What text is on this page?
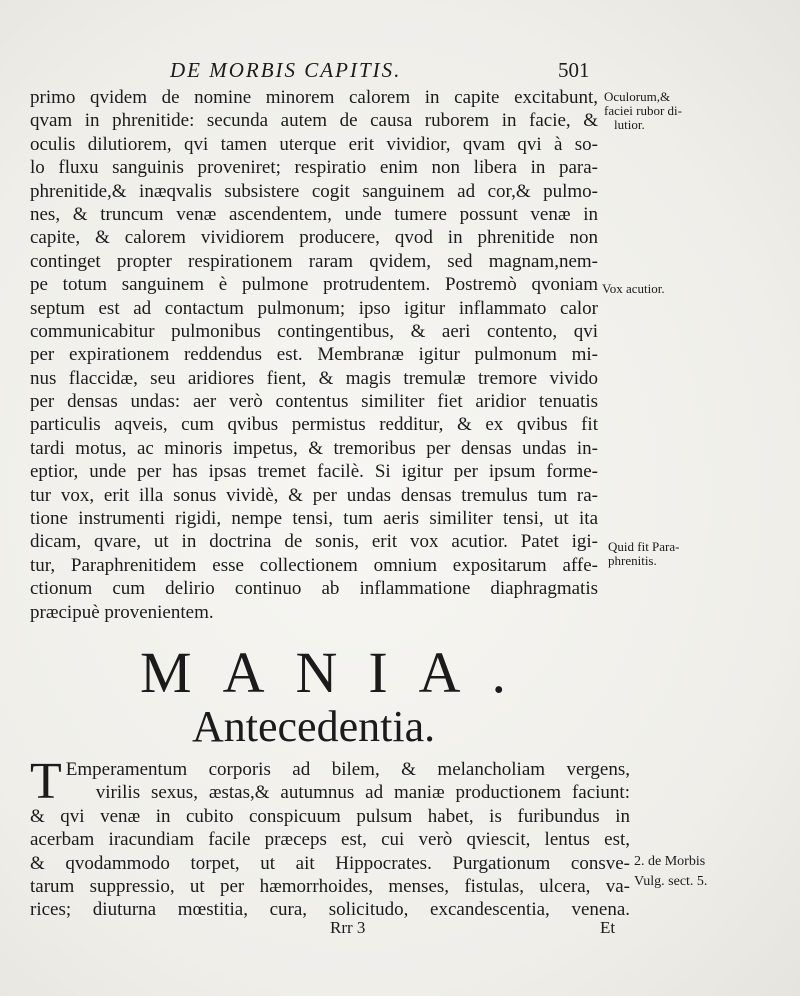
DE MORBIS CAPITIS.	501
primo qvidem de nomine minorem calorem in capite excitabunt,
qvam in phrenitide: secunda autem de causa ruborem in facie, &
oculis dilutiorem, qvi tamen uterque erit vividior, qvam qvi à so-
lo fluxu sanguinis proveniret; respiratio enim non libera in para-
phrenitide,& inæqvalis subsistere cogit sanguinem ad cor,& pulmo-
nes, & truncum venæ ascendentem, unde tumere possunt venæ in
capite, & calorem vividiorem producere, qvod in phrenitide non
continget propter respirationem raram qvidem, sed magnam,nem-
pe totum sanguinem è pulmone protrudentem. Postremò qvoniam
septum est ad contactum pulmonum; ipso igitur inflammato calor
communicabitur pulmonibus contingentibus, & aeri contento, qvi
per expirationem reddendus est. Membranæ igitur pulmonum mi-
nus flaccidæ, seu aridiores fient, & magis tremulæ tremore vivido
per densas undas: aer verò contentus similiter fiet aridior tenuatis
particulis aqveis, cum qvibus permistus redditur, & ex qvibus fit
tardi motus, ac minoris impetus, & tremoribus per densas undas in-
eptior, unde per has ipsas tremet facilè. Si igitur per ipsum forme-
tur vox, erit illa sonus vividè, & per undas densas tremulus tum ra-
tione instrumenti rigidi, nempe tensi, tum aeris similiter tensi, ut ita
dicam, qvare, ut in doctrina de sonis, erit vox acutior. Patet igi-
tur, Paraphrenitidem esse collectionem omnium expositarum affe-
ctionum cum delirio continuo ab inflammatione diaphragmatis
præcipuè provenientem.
Oculorum,&
faciei rubor di-
lutior.
Vox acutior.
Quid fit Para-
phrenitis.
MANIA.
Antecedentia.
T Emperamentum corporis ad bilem, & melancholiam vergens,
virilis sexus, æstas,& autumnus ad maniæ productionem faciunt:
& qvi venæ in cubito conspicuum pulsum habet, is furibundus in
acerbam iracundiam facile præceps est, cui verò qviescit, lentus est,
& qvodammodo torpet, ut ait Hippocrates. Purgationum consve-
tarum suppressio, ut per hæmorrhoides, menses, fistulas, ulcera, va-
rices; diuturna mœstitia, cura, solicitudo, excandescentia, venena.
2. de Morbis
Vulg. sect. 5.
Rrr 3	Et
